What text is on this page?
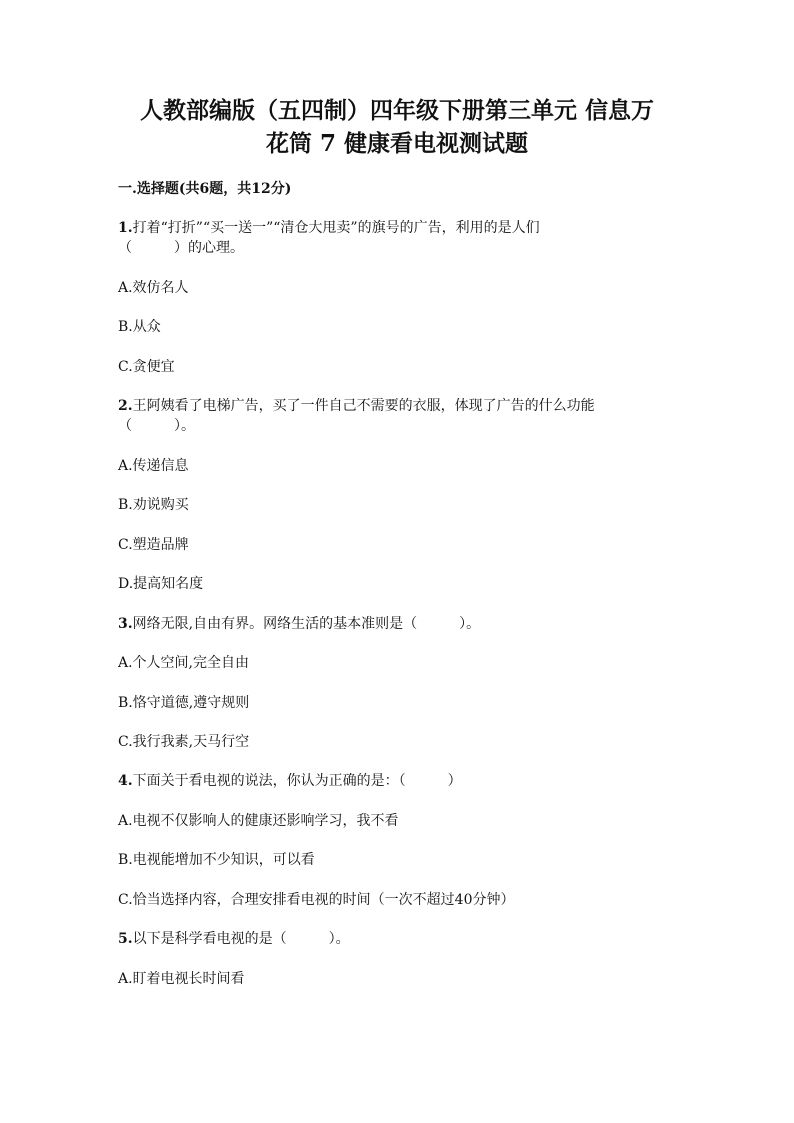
人教部编版（五四制）四年级下册第三单元 信息万
花筒 7 健康看电视测试题
一.选择题(共6题，共12分)
1.打着“打折”“买一送一”“清仓大甩卖”的旗号的广告，利用的是人们
（　　　）的心理。
A.效仿名人
B.从众
C.贪便宜
2.王阿姨看了电梯广告，买了一件自己不需要的衣服，体现了广告的什么功能
（　　　）。
A.传递信息
B.劝说购买
C.塑造品牌
D.提高知名度
3.网络无限,自由有界。网络生活的基本准则是（　　　）。
A.个人空间,完全自由
B.恪守道德,遵守规则
C.我行我素,天马行空
4.下面关于看电视的说法，你认为正确的是：（　　　）
A.电视不仅影响人的健康还影响学习，我不看
B.电视能增加不少知识，可以看
C.恰当选择内容，合理安排看电视的时间（一次不超过40分钟）
5.以下是科学看电视的是（　　　）。
A.盯着电视长时间看
